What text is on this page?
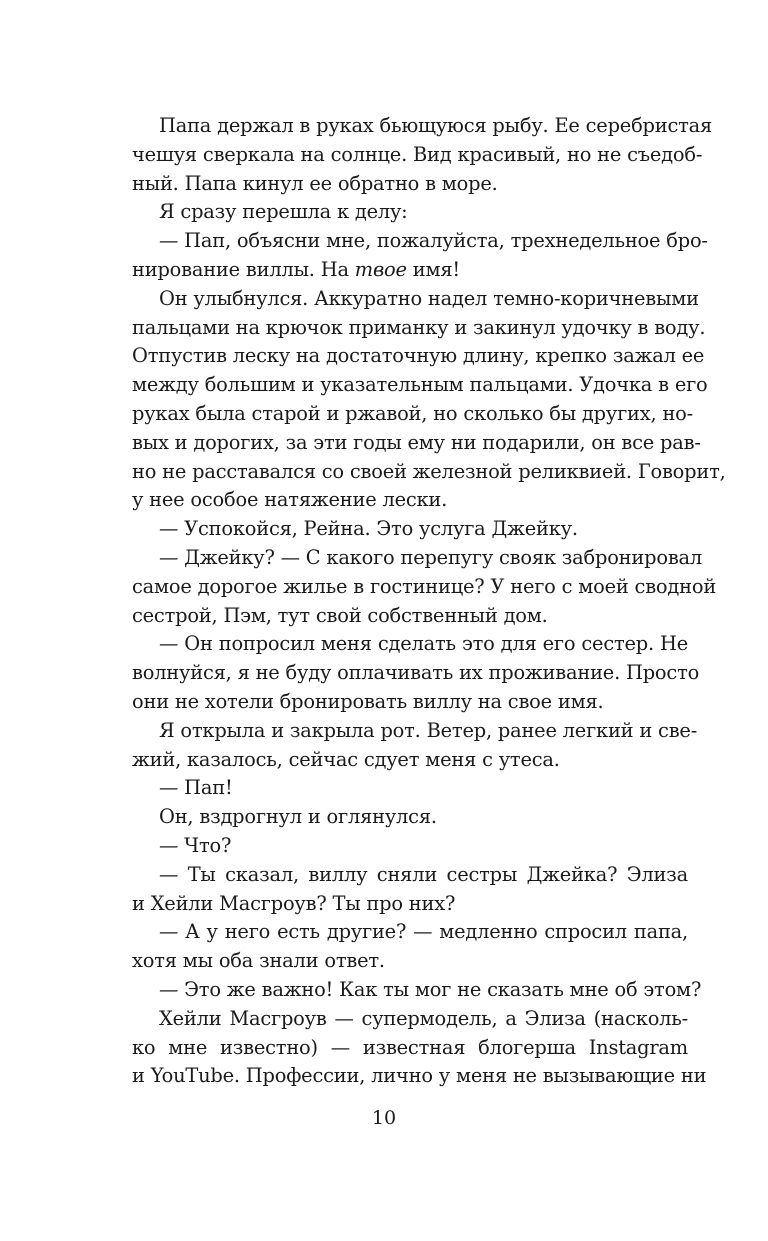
Папа держал в руках бьющуюся рыбу. Ее серебристая
чешуя сверкала на солнце. Вид красивый, но не съедоб-
ный. Папа кинул ее обратно в море.
Я сразу перешла к делу:
— Пап, объясни мне, пожалуйста, трехнедельное бро-
нирование виллы. На твое имя!
Он улыбнулся. Аккуратно надел темно-коричневыми
пальцами на крючок приманку и закинул удочку в воду.
Отпустив леску на достаточную длину, крепко зажал ее
между большим и указательным пальцами. Удочка в его
руках была старой и ржавой, но сколько бы других, но-
вых и дорогих, за эти годы ему ни подарили, он все рав-
но не расставался со своей железной реликвией. Говорит,
у нее особое натяжение лески.
— Успокойся, Рейна. Это услуга Джейку.
— Джейку? — С какого перепугу свояк забронировал
самое дорогое жилье в гостинице? У него с моей сводной
сестрой, Пэм, тут свой собственный дом.
— Он попросил меня сделать это для его сестер. Не
волнуйся, я не буду оплачивать их проживание. Просто
они не хотели бронировать виллу на свое имя.
Я открыла и закрыла рот. Ветер, ранее легкий и све-
жий, казалось, сейчас сдует меня с утеса.
— Пап!
Он, вздрогнул и оглянулся.
— Что?
— Ты сказал, виллу сняли сестры Джейка? Элиза
и Хейли Масгроув? Ты про них?
— А у него есть другие? — медленно спросил папа,
хотя мы оба знали ответ.
— Это же важно! Как ты мог не сказать мне об этом?
Хейли Масгроув — супермодель, а Элиза (насколь-
ко мне известно) — известная блогерша Instagram
и YouTube. Профессии, лично у меня не вызывающие ни
10
